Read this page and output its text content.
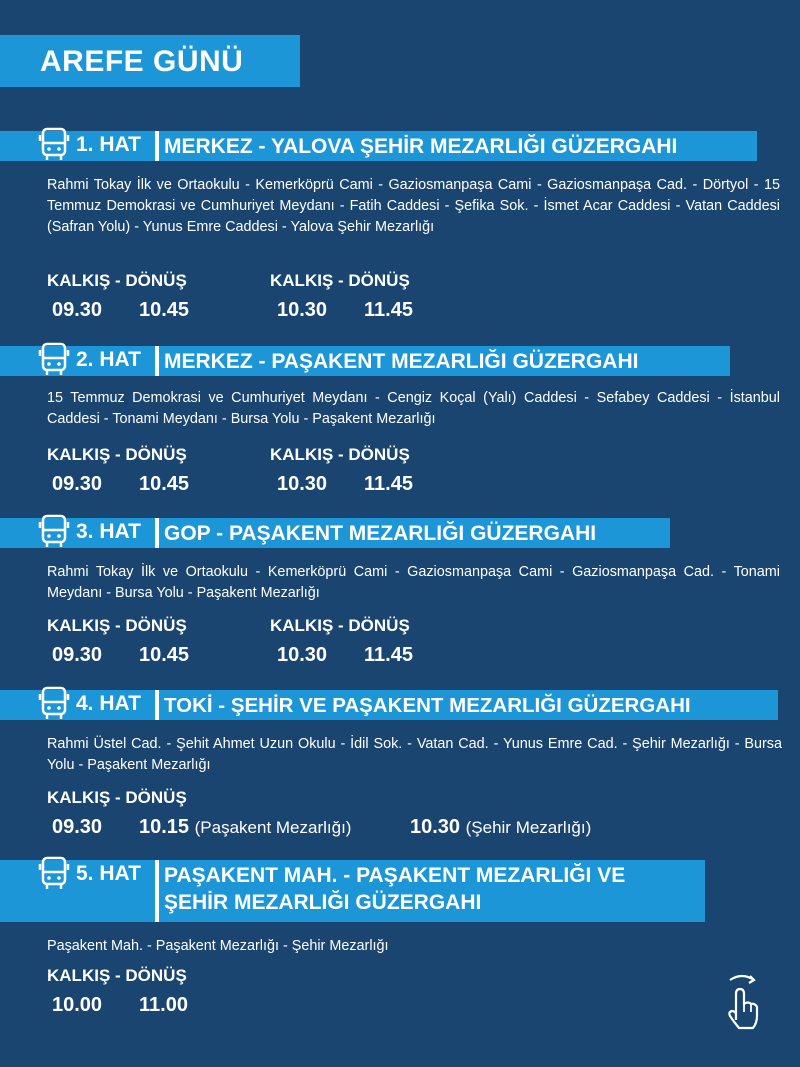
AREFE GÜNÜ
1. HAT MERKEZ - YALOVA ŞEHİR MEZARLIĞI GÜZERGAHI
Rahmi Tokay İlk ve Ortaokulu - Kemerköprü Cami - Gaziosmanpaşa Cami - Gaziosmanpaşa Cad. - Dörtyol - 15 Temmuz Demokrasi ve Cumhuriyet Meydanı - Fatih Caddesi - Şefika Sok. - İsmet Acar Caddesi - Vatan Caddesi (Safran Yolu) - Yunus Emre Caddesi - Yalova Şehir Mezarlığı
KALKIŞ - DÖNÜŞ	KALKIŞ - DÖNÜŞ
09.30 10.45	10.30 11.45
2. HAT MERKEZ - PAŞAKENT MEZARLIĞI GÜZERGAHI
15 Temmuz Demokrasi ve Cumhuriyet Meydanı - Cengiz Koçal (Yalı) Caddesi - Sefabey Caddesi - İstanbul Caddesi - Tonami Meydanı - Bursa Yolu - Paşakent Mezarlığı
KALKIŞ - DÖNÜŞ	KALKIŞ - DÖNÜŞ
09.30 10.45	10.30 11.45
3. HAT GOP - PAŞAKENT MEZARLIĞI GÜZERGAHI
Rahmi Tokay İlk ve Ortaokulu - Kemerköprü Cami - Gaziosmanpaşa Cami - Gaziosmanpaşa Cad. - Tonami Meydanı - Bursa Yolu - Paşakent Mezarlığı
KALKIŞ - DÖNÜŞ	KALKIŞ - DÖNÜŞ
09.30 10.45	10.30 11.45
4. HAT TOKİ - ŞEHİR VE PAŞAKENT MEZARLIĞI GÜZERGAHI
Rahmi Üstel Cad. - Şehit Ahmet Uzun Okulu - İdil Sok. - Vatan Cad. - Yunus Emre Cad. - Şehir Mezarlığı - Bursa Yolu - Paşakent Mezarlığı
KALKIŞ - DÖNÜŞ
09.30 10.15 (Paşakent Mezarlığı)	10.30 (Şehir Mezarlığı)
5. HAT PAŞAKENT MAH. - PAŞAKENT MEZARLIĞI VE
ŞEHİR MEZARLIĞI GÜZERGAHI
Paşakent Mah. - Paşakent Mezarlığı - Şehir Mezarlığı
KALKIŞ - DÖNÜŞ
10.00 11.00
